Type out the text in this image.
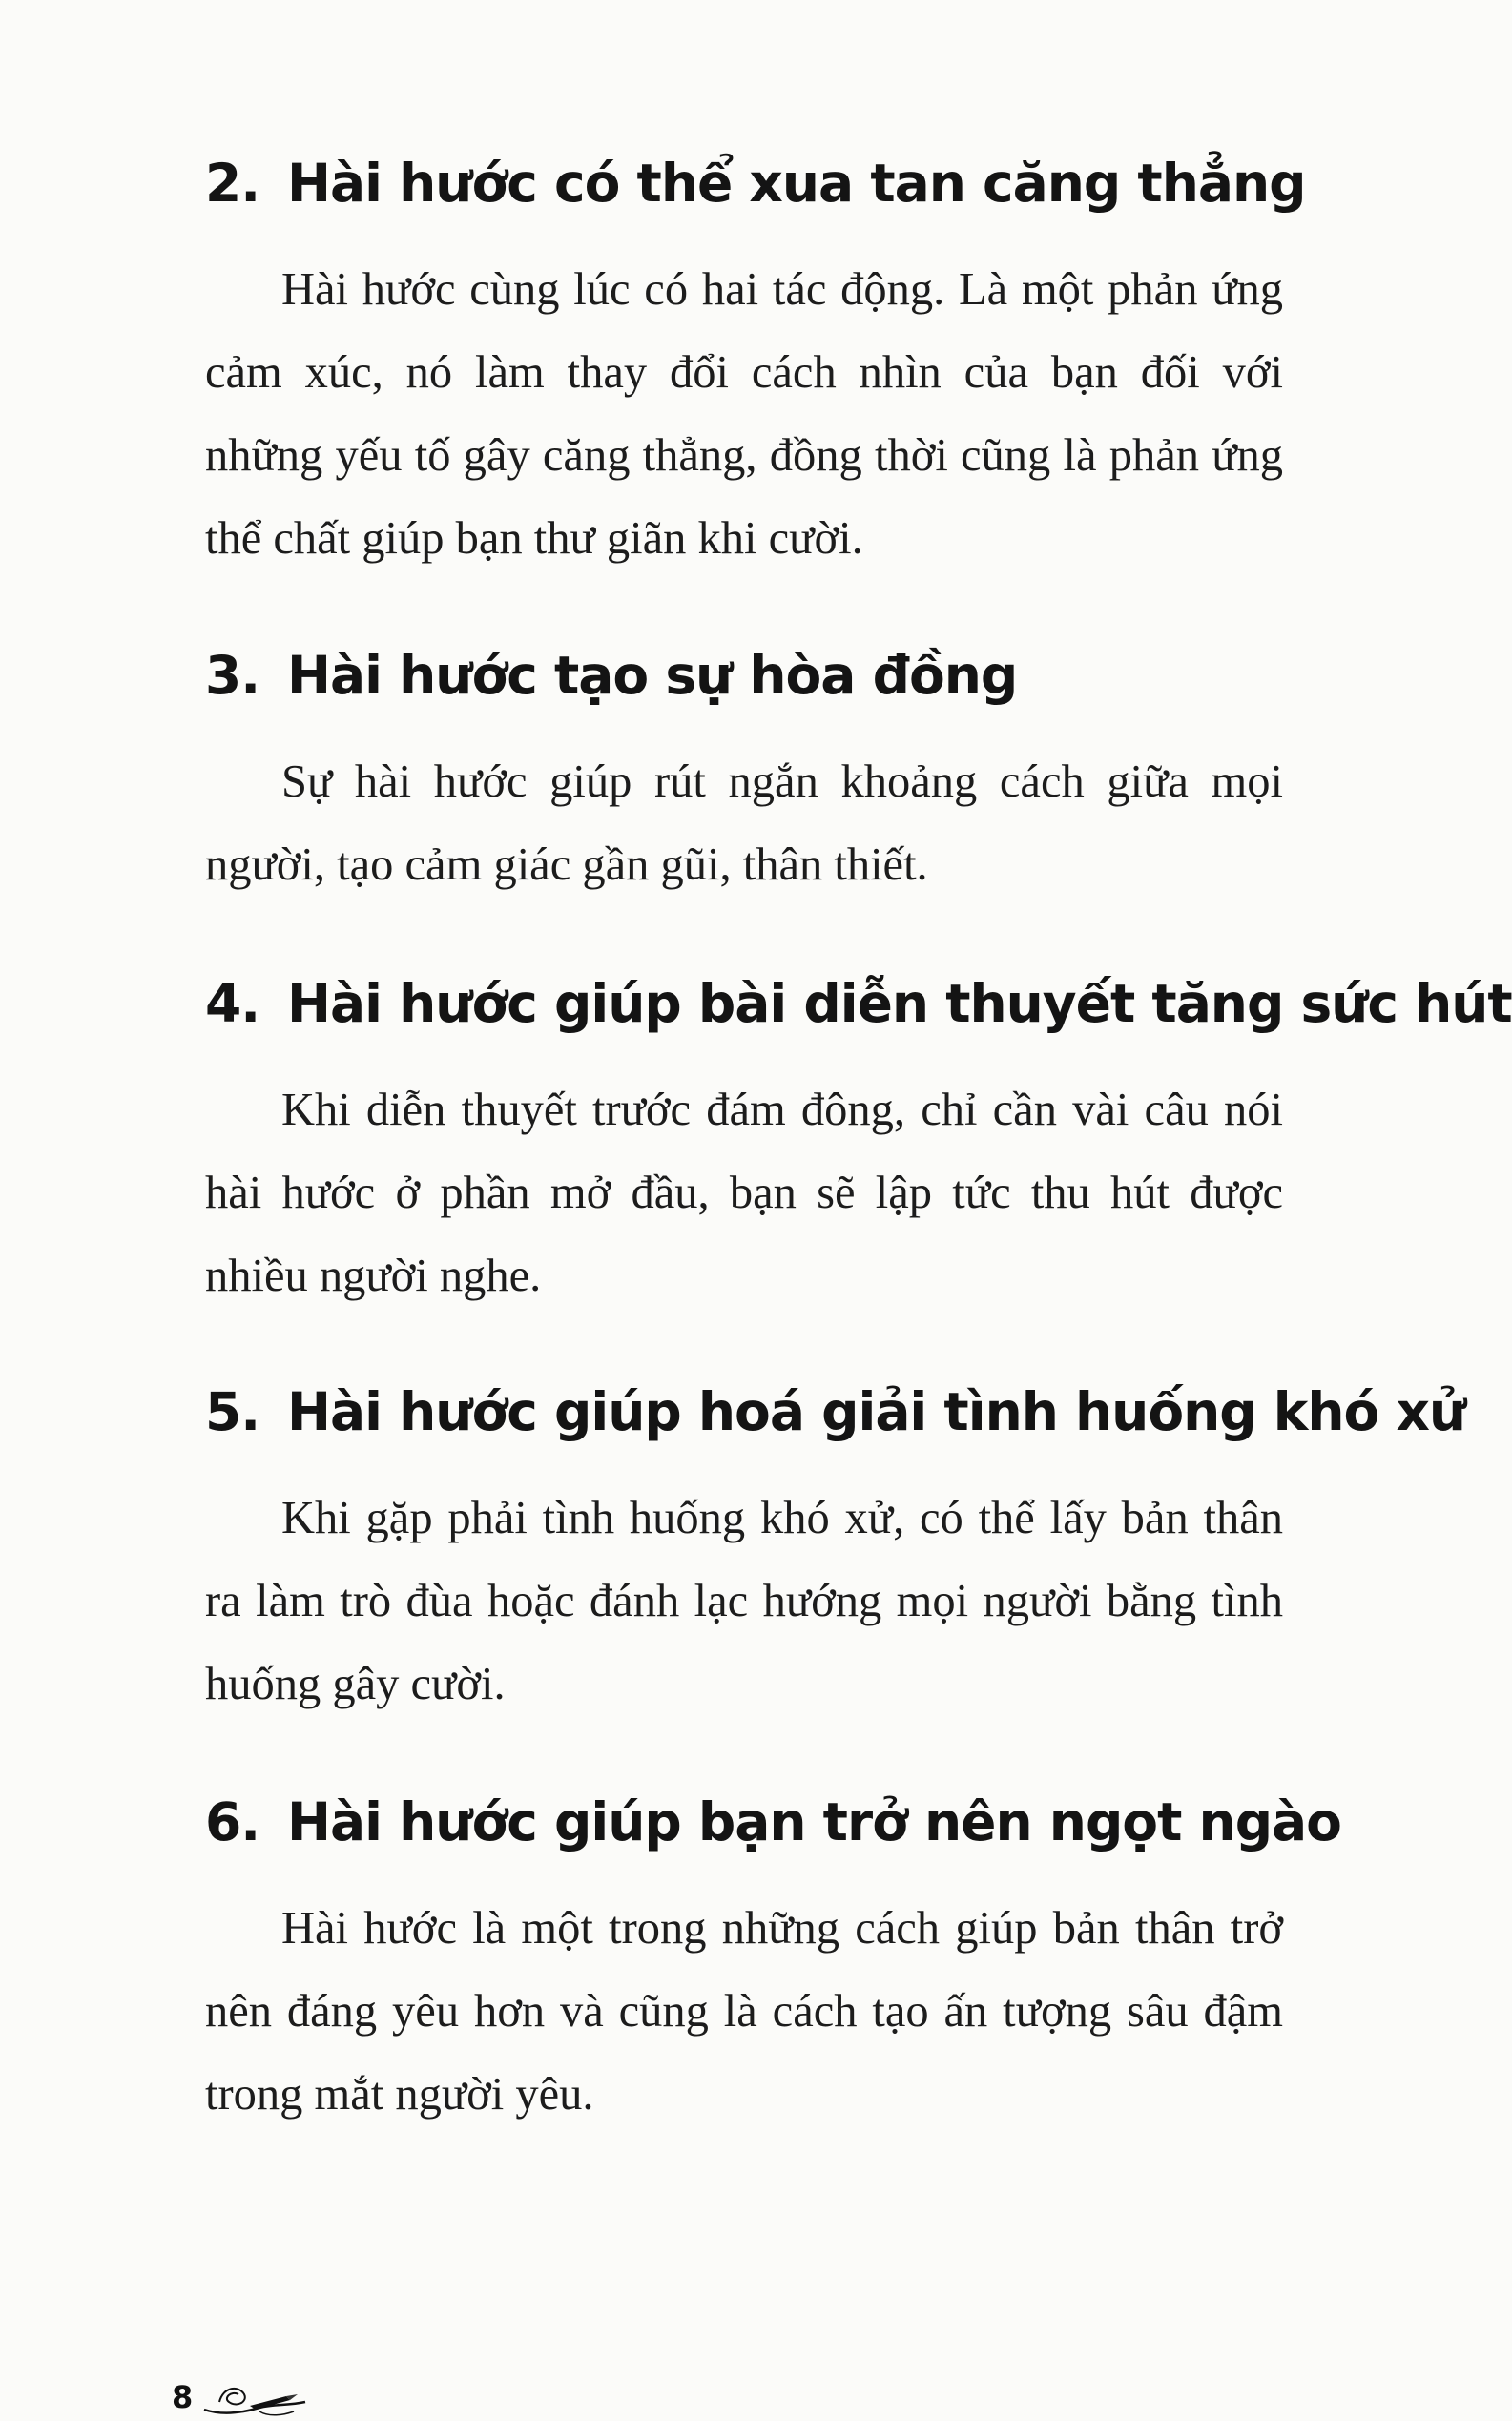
2. Hài hước có thể xua tan căng thẳng
Hài hước cùng lúc có hai tác động. Là một phản ứng cảm xúc, nó làm thay đổi cách nhìn của bạn đối với những yếu tố gây căng thẳng, đồng thời cũng là phản ứng thể chất giúp bạn thư giãn khi cười.
3. Hài hước tạo sự hòa đồng
Sự hài hước giúp rút ngắn khoảng cách giữa mọi người, tạo cảm giác gần gũi, thân thiết.
4. Hài hước giúp bài diễn thuyết tăng sức hút
Khi diễn thuyết trước đám đông, chỉ cần vài câu nói hài hước ở phần mở đầu, bạn sẽ lập tức thu hút được nhiều người nghe.
5. Hài hước giúp hoá giải tình huống khó xử
Khi gặp phải tình huống khó xử, có thể lấy bản thân ra làm trò đùa hoặc đánh lạc hướng mọi người bằng tình huống gây cười.
6. Hài hước giúp bạn trở nên ngọt ngào
Hài hước là một trong những cách giúp bản thân trở nên đáng yêu hơn và cũng là cách tạo ấn tượng sâu đậm trong mắt người yêu.
8
